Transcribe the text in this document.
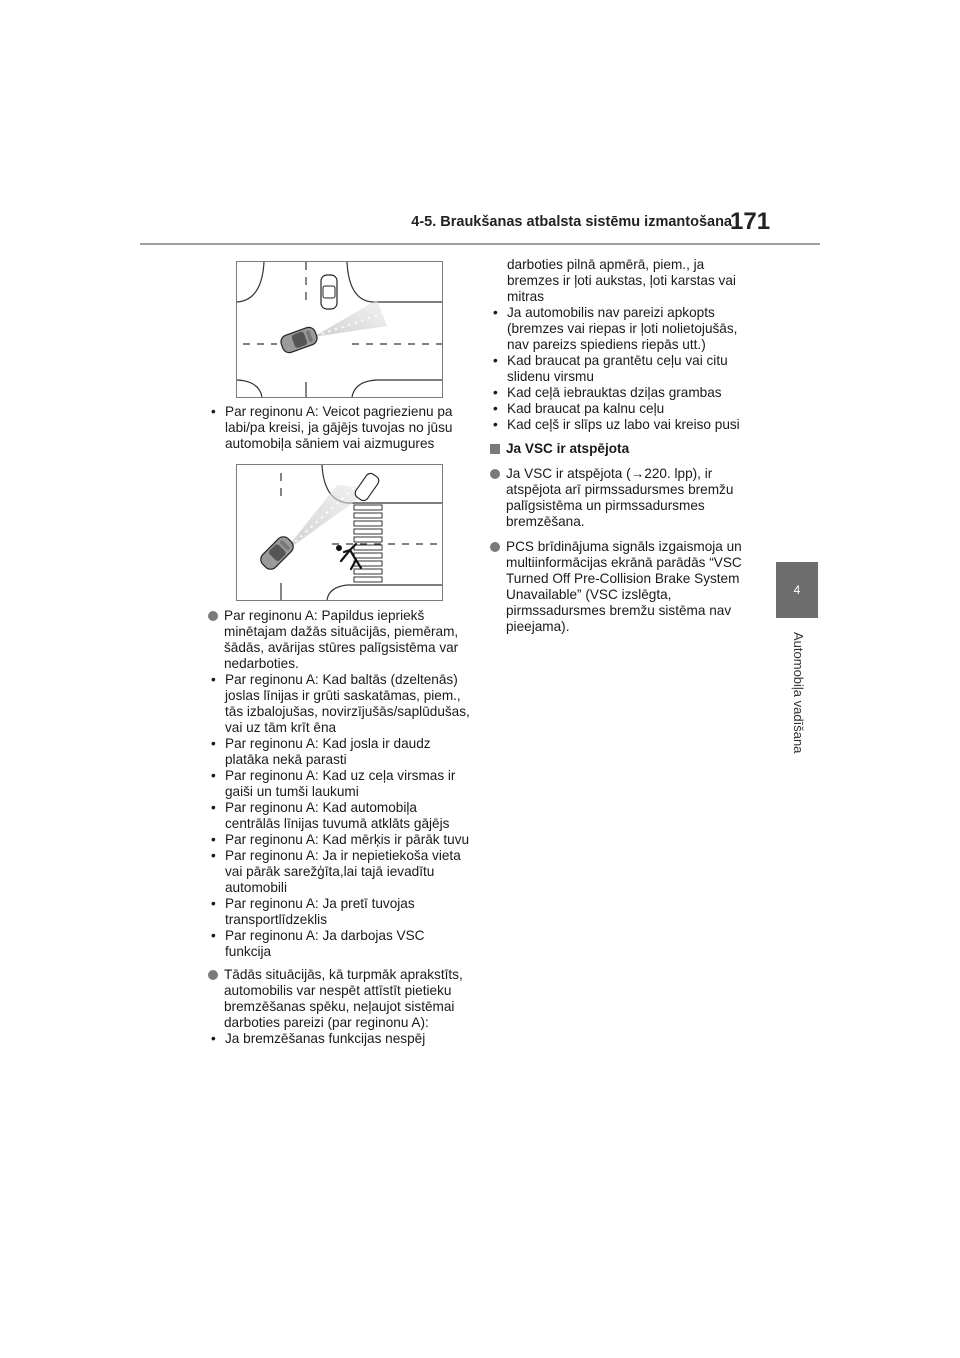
4-5. Braukšanas atbalsta sistēmu izmantošana
171
4
Automobiļa vadīšana
• Par reginonu A: Veicot pagriezienu pa labi/pa kreisi, ja gājējs tuvojas no jūsu automobiļa sāniem vai aizmugures
Par reginonu A: Papildus iepriekš minētajam dažās situācijās, piemēram, šādās, avārijas stūres palīgsistēma var nedarboties.
• Par reginonu A: Kad baltās (dzeltenās) joslas līnijas ir grūti saskatāmas, piem., tās izbalojušas, novirzījušās/saplūdušas, vai uz tām krīt ēna
• Par reginonu A: Kad josla ir daudz platāka nekā parasti
• Par reginonu A: Kad uz ceļa virsmas ir gaiši un tumši laukumi
• Par reginonu A: Kad automobiļa centrālās līnijas tuvumā atklāts gājējs
• Par reginonu A: Kad mērķis ir pārāk tuvu
• Par reginonu A: Ja ir nepietiekoša vieta vai pārāk sarežģīta,lai tajā ievadītu automobili
• Par reginonu A: Ja pretī tuvojas transportlīdzeklis
• Par reginonu A: Ja darbojas VSC funkcija
Tādās situācijās, kā turpmāk aprakstīts, automobilis var nespēt attīstīt pietieku bremzēšanas spēku, neļaujot sistēmai darboties pareizi (par reginonu A):
• Ja bremzēšanas funkcijas nespēj
darboties pilnā apmērā, piem., ja bremzes ir ļoti aukstas, ļoti karstas vai mitras
• Ja automobilis nav pareizi apkopts (bremzes vai riepas ir ļoti nolietojušās, nav pareizs spiediens riepās utt.)
• Kad braucat pa grantētu ceļu vai citu slidenu virsmu
• Kad ceļā iebrauktas dziļas grambas
• Kad braucat pa kalnu ceļu
• Kad ceļš ir slīps uz labo vai kreiso pusi
Ja VSC ir atspējota
Ja VSC ir atspējota (→220. lpp), ir atspējota arī pirmssadursmes bremžu palīgsistēma un pirmssadursmes bremzēšana.
PCS brīdinājuma signāls izgaismoja un multiinformācijas ekrānā parādās “VSC Turned Off Pre-Collision Brake System Unavailable” (VSC izslēgta, pirmssadursmes bremžu sistēma nav pieejama).
